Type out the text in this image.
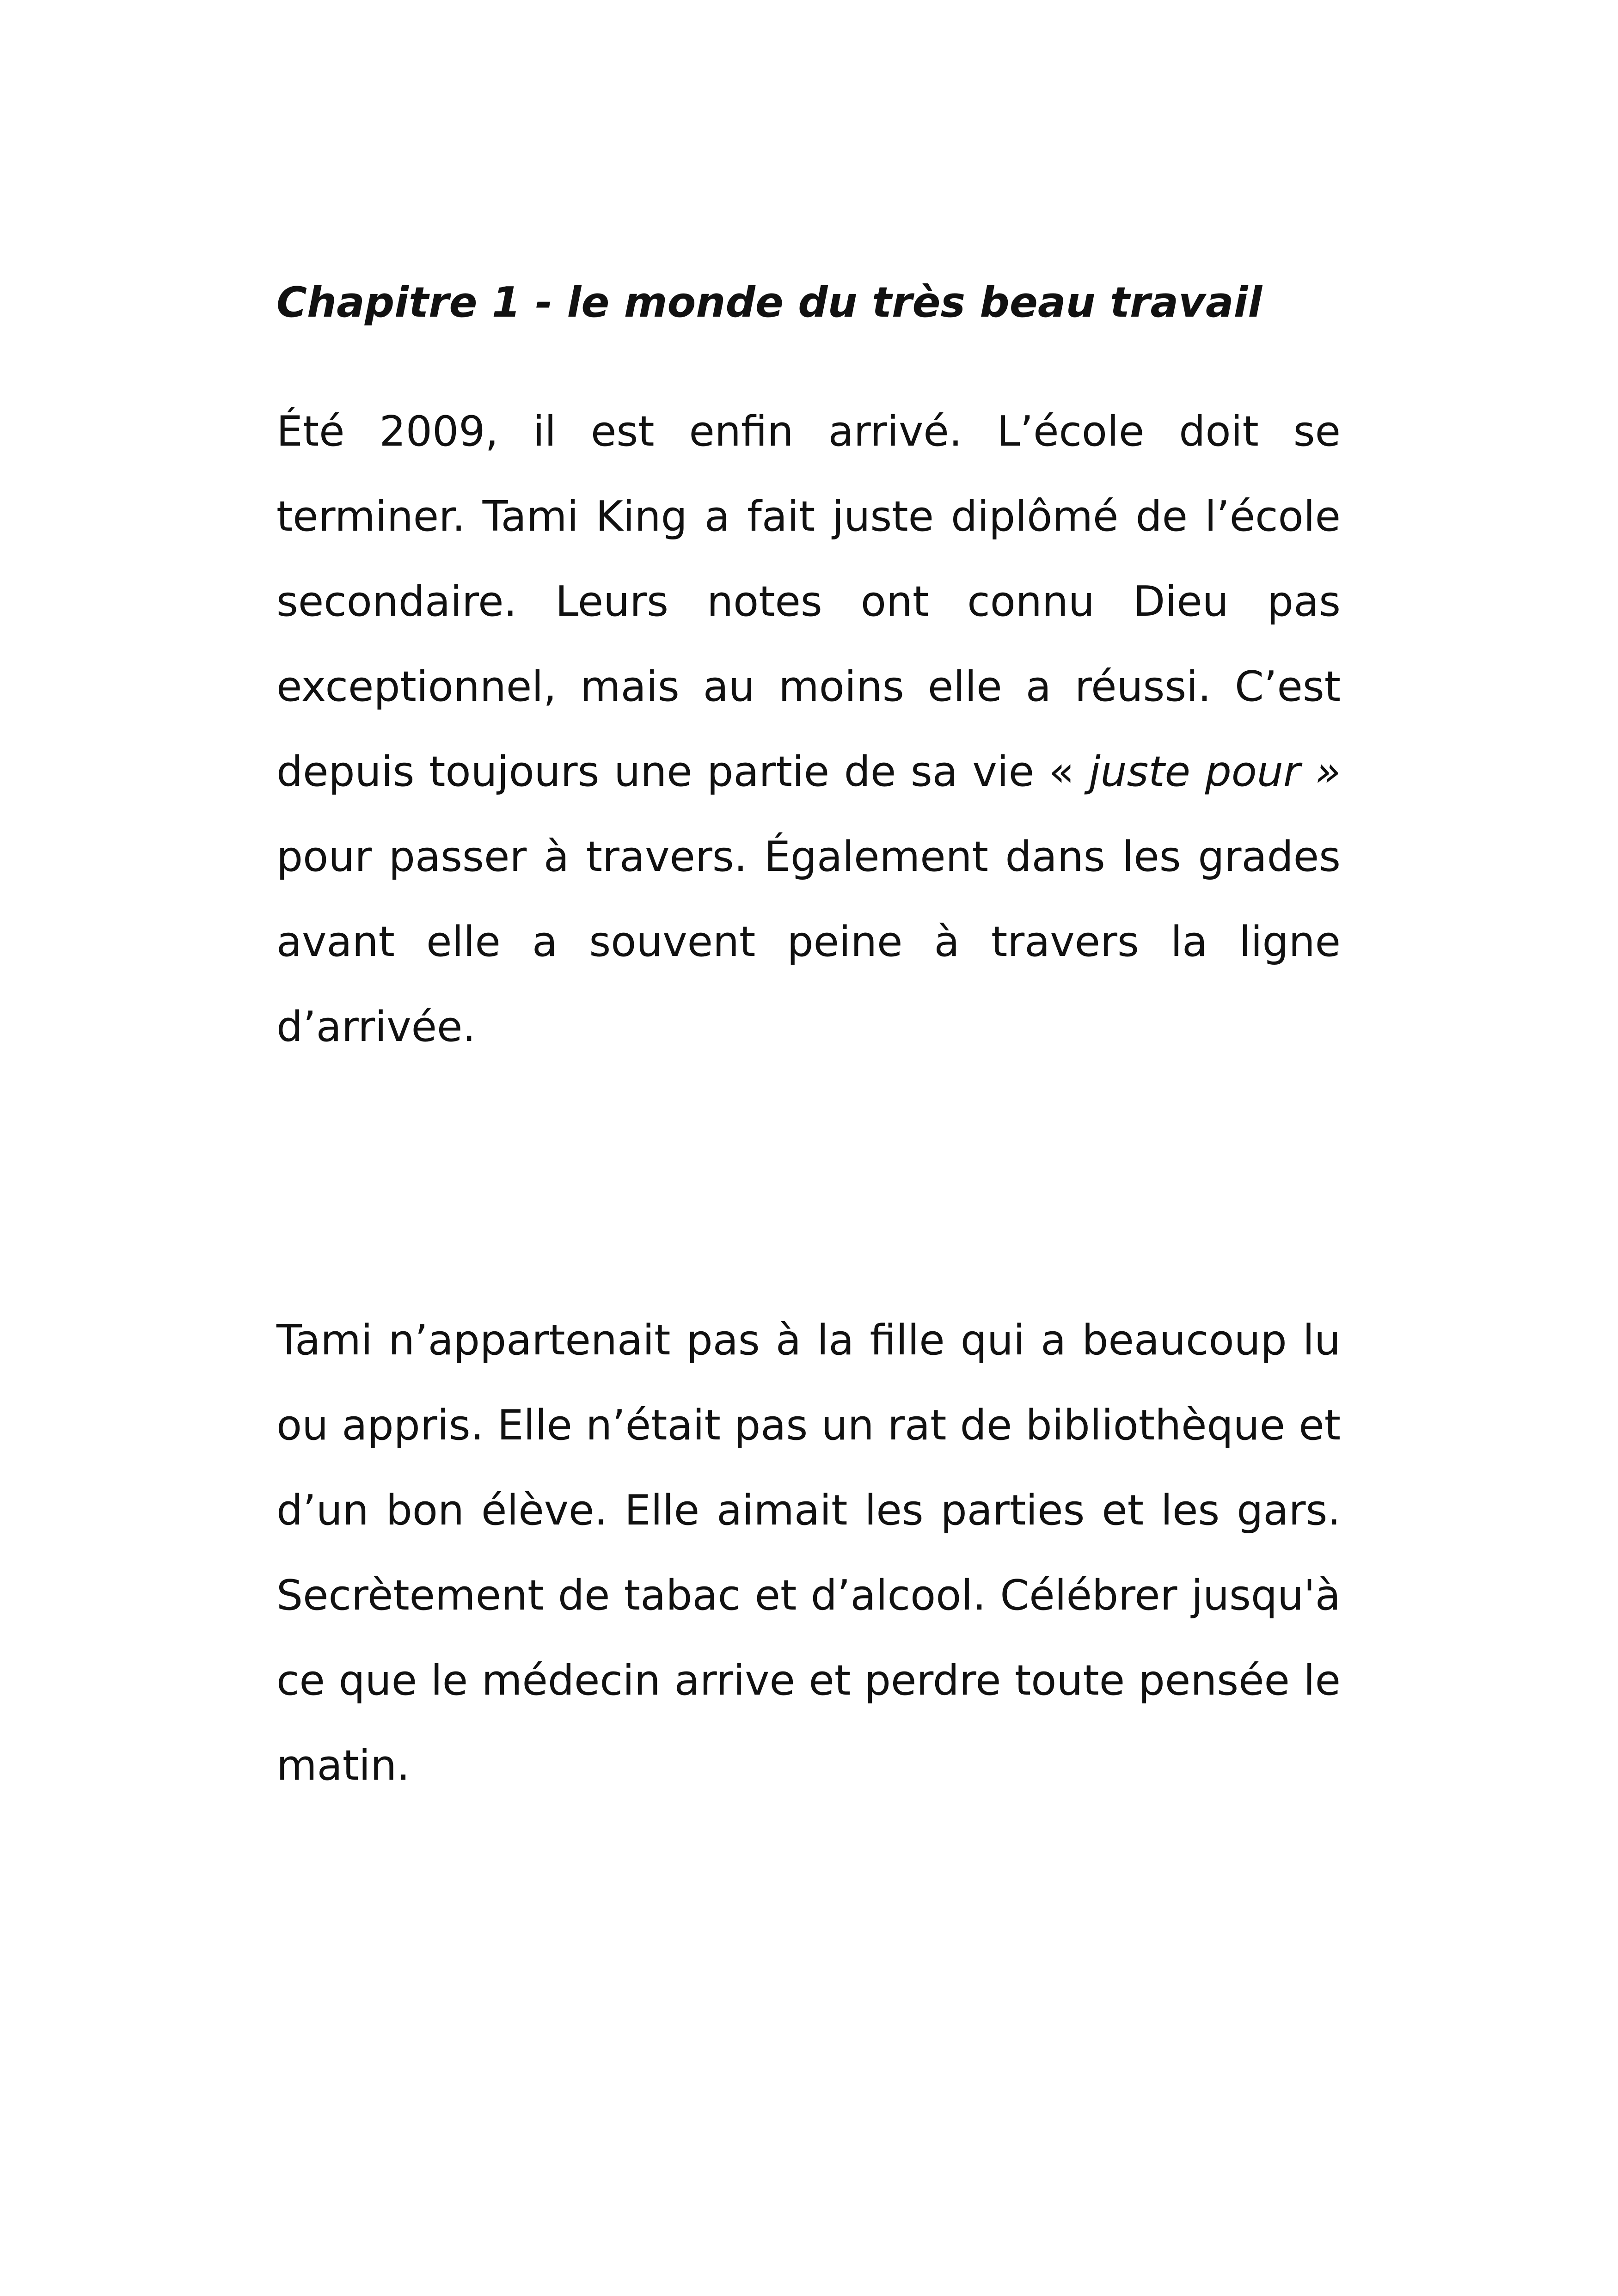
Chapitre 1 - le monde du très beau travail

Été 2009, il est enfin arrivé. L’école doit se terminer. Tami King a fait juste diplômé de l’école secondaire. Leurs notes ont connu Dieu pas exceptionnel, mais au moins elle a réussi. C’est depuis toujours une partie de sa vie « juste pour » pour passer à travers. Également dans les grades avant elle a souvent peine à travers la ligne d’arrivée.

Tami n’appartenait pas à la fille qui a beaucoup lu ou appris. Elle n’était pas un rat de bibliothèque et d’un bon élève. Elle aimait les parties et les gars. Secrètement de tabac et d’alcool. Célébrer jusqu'à ce que le médecin arrive et perdre toute pensée le matin.
